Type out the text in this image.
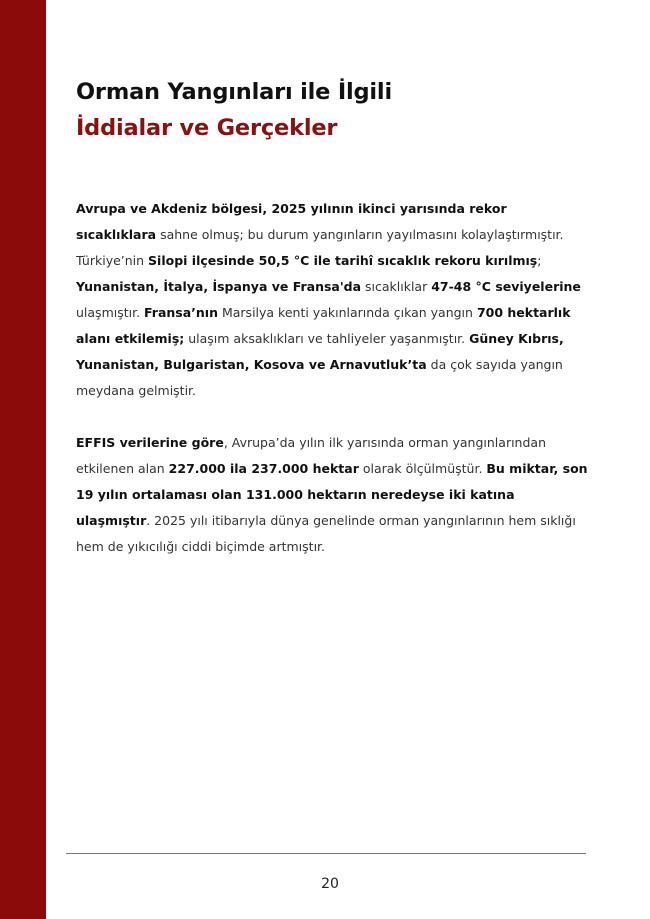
Orman Yangınları ile İlgili
İddialar ve Gerçekler

Avrupa ve Akdeniz bölgesi, 2025 yılının ikinci yarısında rekor sıcaklıklara sahne olmuş; bu durum yangınların yayılmasını kolaylaştırmıştır. Türkiye’nin Silopi ilçesinde 50,5 °C ile tarihî sıcaklık rekoru kırılmış; Yunanistan, İtalya, İspanya ve Fransa'da sıcaklıklar 47-48 °C seviyelerine ulaşmıştır. Fransa’nın Marsilya kenti yakınlarında çıkan yangın 700 hektarlık alanı etkilemiş; ulaşım aksaklıkları ve tahliyeler yaşanmıştır. Güney Kıbrıs, Yunanistan, Bulgaristan, Kosova ve Arnavutluk’ta da çok sayıda yangın meydana gelmiştir.

EFFIS verilerine göre, Avrupa’da yılın ilk yarısında orman yangınlarından etkilenen alan 227.000 ila 237.000 hektar olarak ölçülmüştür. Bu miktar, son 19 yılın ortalaması olan 131.000 hektarın neredeyse iki katına ulaşmıştır. 2025 yılı itibarıyla dünya genelinde orman yangınlarının hem sıklığı hem de yıkıcılığı ciddi biçimde artmıştır.

20
